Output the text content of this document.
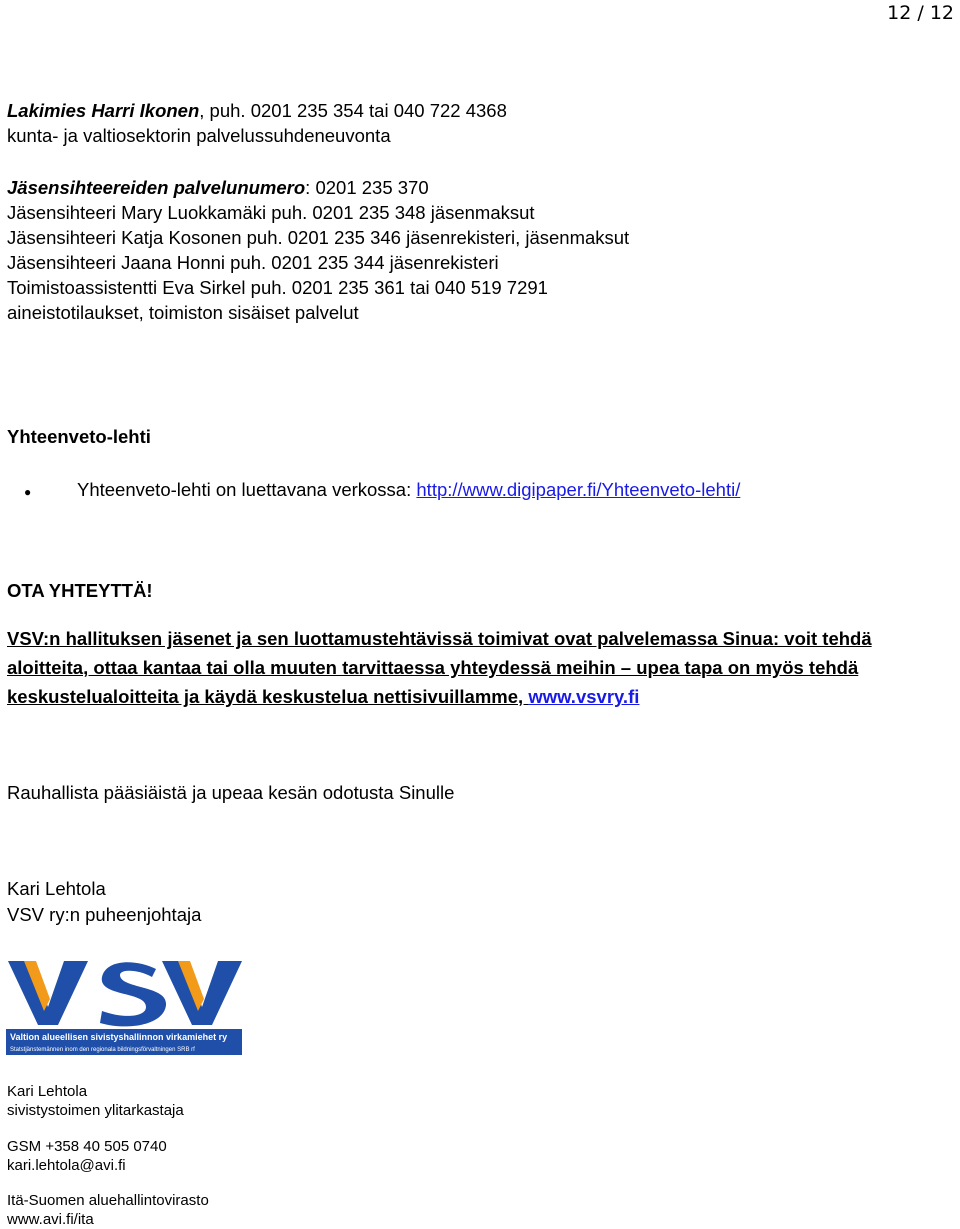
12 / 12
Lakimies Harri Ikonen, puh. 0201 235 354 tai 040 722 4368
kunta- ja valtiosektorin palvelussuhdeneuvonta
Jäsensihteereiden palvelunumero: 0201 235 370
Jäsensihteeri Mary Luokkamäki puh. 0201 235 348 jäsenmaksut
Jäsensihteeri Katja Kosonen puh. 0201 235 346 jäsenrekisteri, jäsenmaksut
Jäsensihteeri Jaana Honni puh. 0201 235 344 jäsenrekisteri
Toimistoassistentti Eva Sirkel puh. 0201 235 361 tai 040 519 7291
aineistotilaukset, toimiston sisäiset palvelut
Yhteenveto-lehti
● Yhteenveto-lehti on luettavana verkossa: http://www.digipaper.fi/Yhteenveto-lehti/
OTA YHTEYTTÄ!
VSV:n hallituksen jäsenet ja sen luottamustehtävissä toimivat ovat palvelemassa Sinua: voit tehdä aloitteita, ottaa kantaa tai olla muuten tarvittaessa yhteydessä meihin – upea tapa on myös tehdä keskustelualoitteita ja käydä keskustelua nettisivuillamme, www.vsvry.fi
Rauhallista pääsiäistä ja upeaa kesän odotusta Sinulle
Kari Lehtola
VSV ry:n puheenjohtaja
Valtion alueellisen sivistyshallinnon virkamiehet ry
Statstjänstemännen inom den regionala bildningsförvaltningen SRB rf
Kari Lehtola
sivistystoimen ylitarkastaja
GSM +358 40 505 0740
kari.lehtola@avi.fi
Itä-Suomen aluehallintovirasto
www.avi.fi/ita
